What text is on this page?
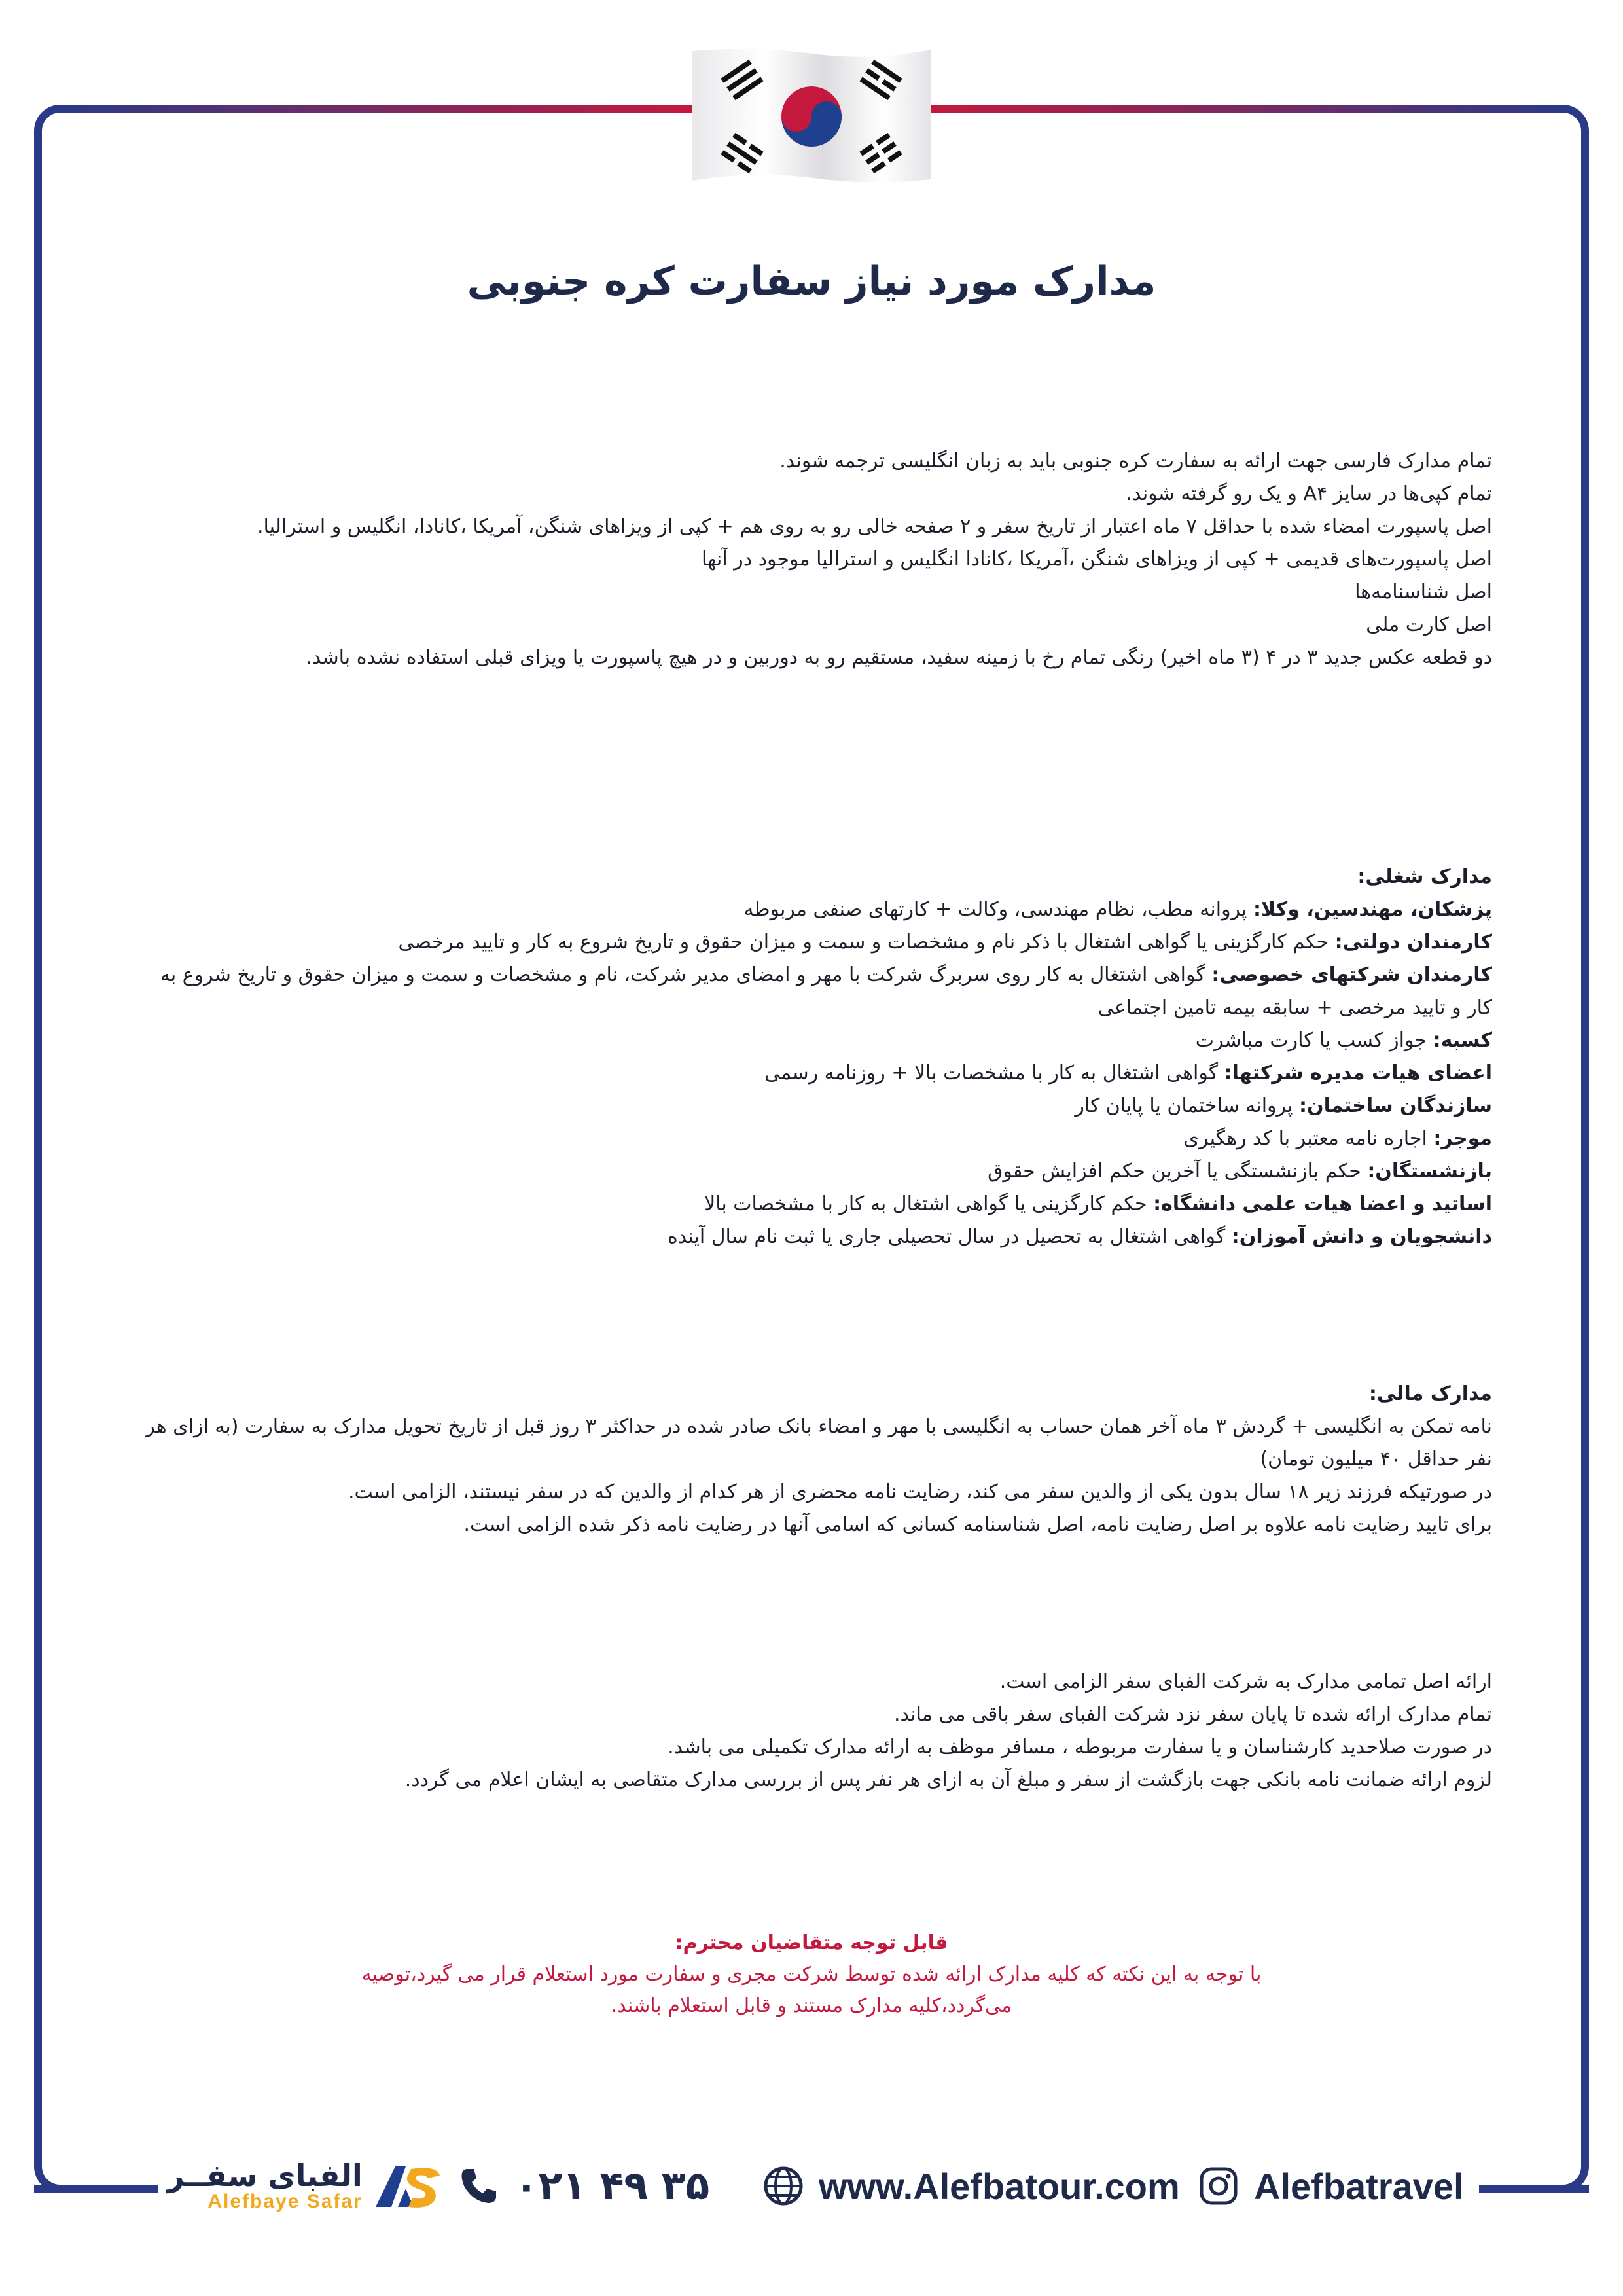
مدارک مورد نیاز سفارت کره جنوبی

تمام مدارک فارسی جهت ارائه به سفارت کره جنوبی باید به زبان انگلیسی ترجمه شوند.

تمام کپی‌ها در سایز A۴ و یک رو گرفته شوند.

اصل پاسپورت امضاء شده با حداقل ۷ ماه اعتبار از تاریخ سفر و ۲ صفحه خالی رو به روی هم + کپی از ویزاهای شنگن، آمریکا ،کانادا، انگلیس و استرالیا.

اصل پاسپورت‌های قدیمی + کپی از ویزاهای شنگن ،آمریکا ،کانادا انگلیس و استرالیا موجود در آنها

اصل شناسنامه‌ها

اصل کارت ملی

دو قطعه عکس جدید ۳ در ۴ (۳ ماه اخیر) رنگی تمام رخ با زمینه سفید، مستقیم رو به دوربین و در هیچ پاسپورت یا ویزای قبلی استفاده نشده باشد.

مدارک شغلی:

پزشکان، مهندسین، وکلا: پروانه مطب، نظام مهندسی، وکالت + کارتهای صنفی مربوطه

کارمندان دولتی: حکم کارگزینی یا گواهی اشتغال با ذکر نام و مشخصات و سمت و میزان حقوق و تاریخ شروع به کار و تایید مرخصی

کارمندان شرکتهای خصوصی: گواهی اشتغال به کار روی سربرگ شرکت با مهر و امضای مدیر شرکت، نام و مشخصات و سمت و میزان حقوق و تاریخ شروع به کار و تایید مرخصی + سابقه بیمه تامین اجتماعی

کسبه: جواز کسب یا کارت مباشرت

اعضای هیات مدیره شرکتها: گواهی اشتغال به کار با مشخصات بالا + روزنامه رسمی

سازندگان ساختمان: پروانه ساختمان یا پایان کار

موجر: اجاره نامه معتبر با کد رهگیری

بازنشستگان: حکم بازنشستگی یا آخرین حکم افزایش حقوق

اساتید و اعضا هیات علمی دانشگاه: حکم کارگزینی یا گواهی اشتغال به کار با مشخصات بالا

دانشجویان و دانش آموزان: گواهی اشتغال به تحصیل در سال تحصیلی جاری یا ثبت نام سال آینده

مدارک مالی:

نامه تمکن به انگلیسی + گردش ۳ ماه آخر همان حساب به انگلیسی با مهر و امضاء بانک صادر شده در حداکثر ۳ روز قبل از تاریخ تحویل مدارک به سفارت (به ازای هر نفر حداقل ۴۰ میلیون تومان)

در صورتیکه فرزند زیر ۱۸ سال بدون یکی از والدین سفر می کند، رضایت نامه محضری از هر کدام از والدین که در سفر نیستند، الزامی است.

برای تایید رضایت نامه علاوه بر اصل رضایت نامه، اصل شناسنامه کسانی که اسامی آنها در رضایت نامه ذکر شده الزامی است.

ارائه اصل تمامی مدارک به شرکت الفبای سفر الزامی است.

تمام مدارک ارائه شده تا پایان سفر نزد شرکت الفبای سفر باقی می ماند.

در صورت صلاحدید کارشناسان و یا سفارت مربوطه ، مسافر موظف به ارائه مدارک تکمیلی می باشد.

لزوم ارائه ضمانت نامه بانکی جهت بازگشت از سفر و مبلغ آن به ازای هر نفر پس از بررسی مدارک متقاصی به ایشان اعلام می گردد.

قابل توجه متقاضیان محترم:

با توجه به این نکته که کلیه مدارک ارائه شده توسط شرکت مجری و سفارت مورد استعلام قرار می گیرد،توصیه

می‌گردد،کلیه مدارک مستند و قابل استعلام باشند.

الفبای سفــر
Alefbaye Safar	۰۲۱ ۴۹ ۳۵	www.Alefbatour.com Alefbatravel
